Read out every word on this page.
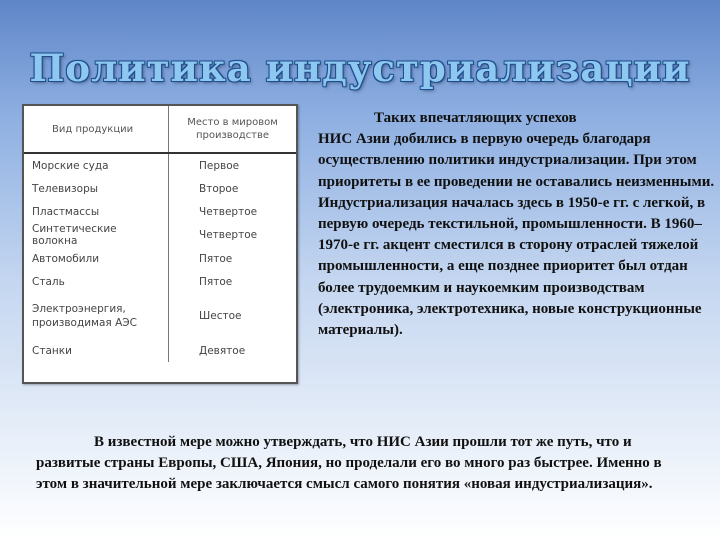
Политика индустриализации
Вид продукции	Место в мировом производстве
Морские суда	Первое
Телевизоры	Второе
Пластмассы	Четвертое
Синтетические волокна	Четвертое
Автомобили	Пятое
Сталь	Пятое
Электроэнергия, производимая АЭС	Шестое
Станки	Девятое
Таких впечатляющих успехов
НИС Азии добились в первую очередь благодаря осуществлению политики индустриализации. При этом приоритеты в ее проведении не оставались неизменными. Индустриализация началась здесь в 1950-е гг. с легкой, в первую очередь текстильной, промышленности. В 1960– 1970-е гг. акцент сместился в сторону отраслей тяжелой промышленности, а еще позднее приоритет был отдан более трудоемким и наукоемким производствам (электроника, электротехника, новые конструкционные материалы).
В известной мере можно утверждать, что НИС Азии прошли тот же путь, что и развитые страны Европы, США, Япония, но проделали его во много раз быстрее. Именно в этом в значительной мере заключается смысл самого понятия «новая индустриализация».
